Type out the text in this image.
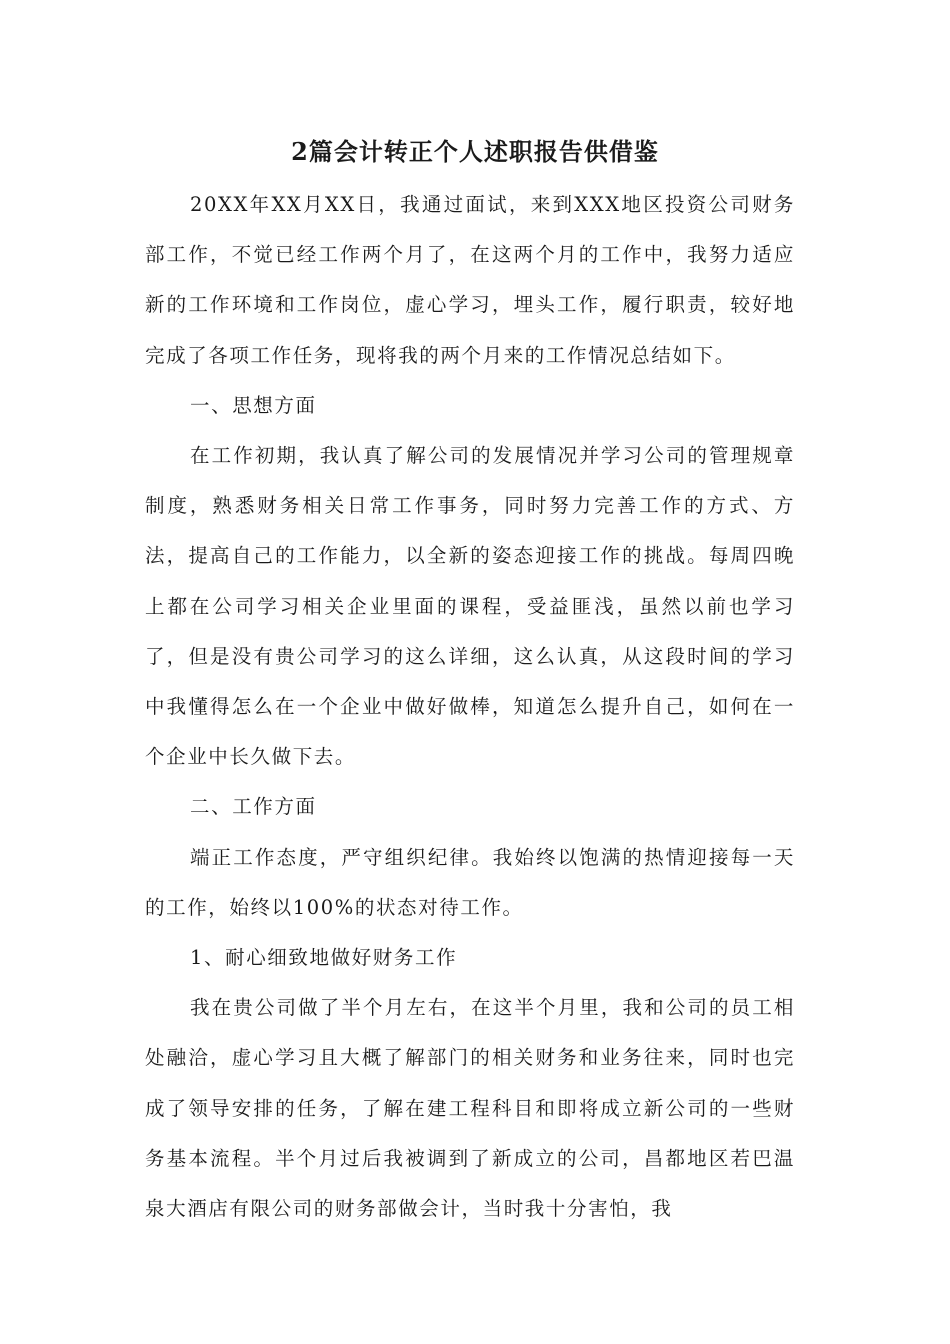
2篇会计转正个人述职报告供借鉴

20XX年XX月XX日，我通过面试，来到XXX地区投资公司财务部工作，不觉已经工作两个月了，在这两个月的工作中，我努力适应新的工作环境和工作岗位，虚心学习，埋头工作，履行职责，较好地完成了各项工作任务，现将我的两个月来的工作情况总结如下。

一、思想方面

在工作初期，我认真了解公司的发展情况并学习公司的管理规章制度，熟悉财务相关日常工作事务，同时努力完善工作的方式、方法，提高自己的工作能力，以全新的姿态迎接工作的挑战。每周四晚上都在公司学习相关企业里面的课程，受益匪浅，虽然以前也学习了，但是没有贵公司学习的这么详细，这么认真，从这段时间的学习中我懂得怎么在一个企业中做好做棒，知道怎么提升自己，如何在一个企业中长久做下去。

二、工作方面

端正工作态度，严守组织纪律。我始终以饱满的热情迎接每一天的工作，始终以100%的状态对待工作。

1、耐心细致地做好财务工作

我在贵公司做了半个月左右，在这半个月里，我和公司的员工相处融洽，虚心学习且大概了解部门的相关财务和业务往来，同时也完成了领导安排的任务，了解在建工程科目和即将成立新公司的一些财务基本流程。半个月过后我被调到了新成立的公司，昌都地区若巴温泉大酒店有限公司的财务部做会计，当时我十分害怕，我
